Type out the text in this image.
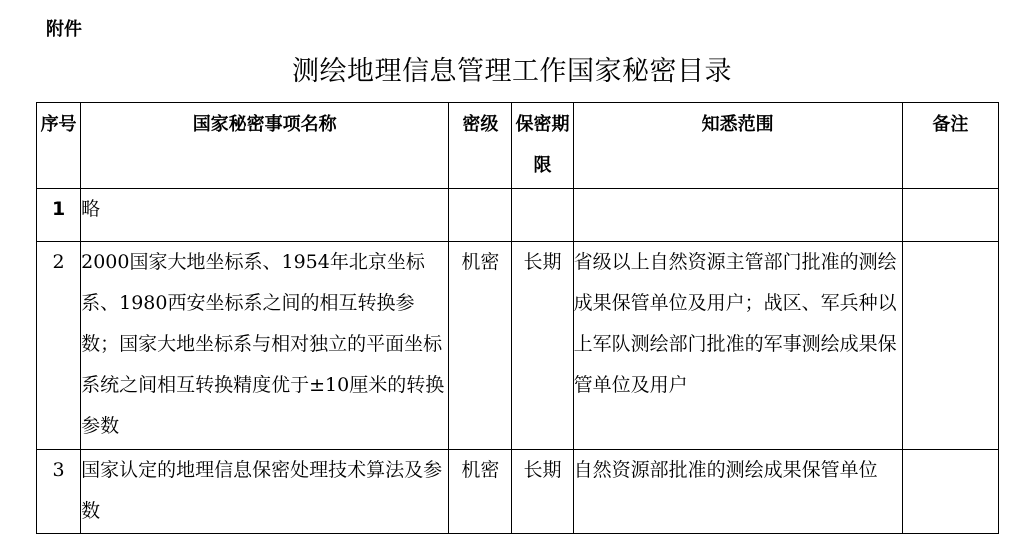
附件
测绘地理信息管理工作国家秘密目录
序号	国家秘密事项名称	密级	保密期限	知悉范围	备注
1	略				
2	2000国家大地坐标系、1954年北京坐标系、1980西安坐标系之间的相互转换参数；国家大地坐标系与相对独立的平面坐标系统之间相互转换精度优于±10厘米的转换参数	机密	长期	省级以上自然资源主管部门批准的测绘成果保管单位及用户；战区、军兵种以上军队测绘部门批准的军事测绘成果保管单位及用户	
3	国家认定的地理信息保密处理技术算法及参数	机密	长期	自然资源部批准的测绘成果保管单位	
